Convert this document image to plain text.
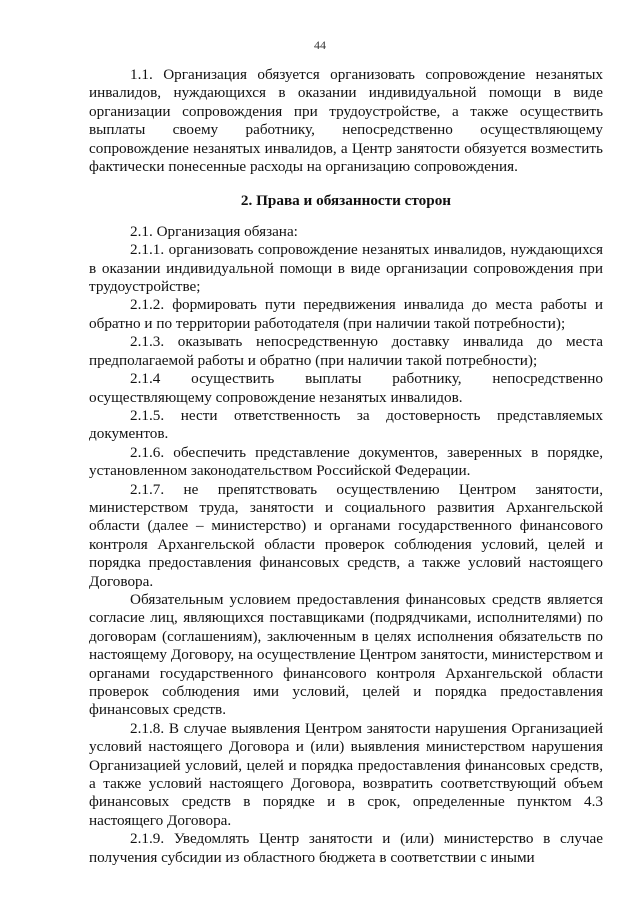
44

1.1. Организация обязуется организовать сопровождение незанятых инвалидов, нуждающихся в оказании индивидуальной помощи в виде организации сопровождения при трудоустройстве, а также осуществить выплаты своему работнику, непосредственно осуществляющему сопровождение незанятых инвалидов, а Центр занятости обязуется возместить фактически понесенные расходы на организацию сопровождения.

2. Права и обязанности сторон

2.1. Организация обязана:

2.1.1. организовать сопровождение незанятых инвалидов, нуждающихся в оказании индивидуальной помощи в виде организации сопровождения при трудоустройстве;

2.1.2. формировать пути передвижения инвалида до места работы и обратно и по территории работодателя (при наличии такой потребности);

2.1.3. оказывать непосредственную доставку инвалида до места предполагаемой работы и обратно (при наличии такой потребности);

2.1.4 осуществить выплаты работнику, непосредственно осуществляющему сопровождение незанятых инвалидов.

2.1.5. нести ответственность за достоверность представляемых документов.

2.1.6. обеспечить представление документов, заверенных в порядке, установленном законодательством Российской Федерации.

2.1.7. не препятствовать осуществлению Центром занятости, министерством труда, занятости и социального развития Архангельской области (далее – министерство) и органами государственного финансового контроля Архангельской области проверок соблюдения условий, целей и порядка предоставления финансовых средств, а также условий настоящего Договора.

Обязательным условием предоставления финансовых средств является согласие лиц, являющихся поставщиками (подрядчиками, исполнителями) по договорам (соглашениям), заключенным в целях исполнения обязательств по настоящему Договору, на осуществление Центром занятости, министерством и органами государственного финансового контроля Архангельской области проверок соблюдения ими условий, целей и порядка предоставления финансовых средств.

2.1.8. В случае выявления Центром занятости нарушения Организацией условий настоящего Договора и (или) выявления министерством нарушения Организацией условий, целей и порядка предоставления финансовых средств, а также условий настоящего Договора, возвратить соответствующий объем финансовых средств в порядке и в срок, определенные пунктом 4.3 настоящего Договора.

2.1.9. Уведомлять Центр занятости и (или) министерство в случае получения субсидии из областного бюджета в соответствии с иными
